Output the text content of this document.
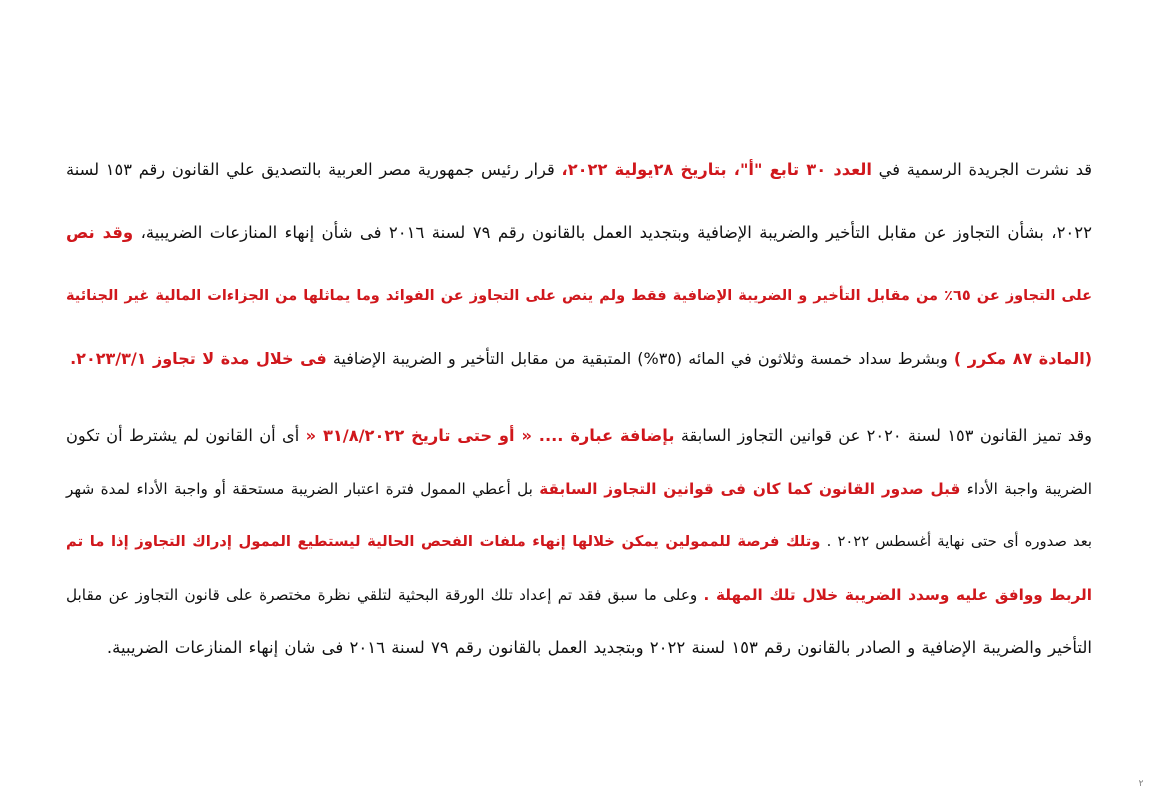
قد نشرت الجريدة الرسمية في العدد ٣٠ تابع "أ"، بتاريخ ٢٨يولية ٢٠٢٢، قرار رئيس جمهورية مصر العربية بالتصديق علي القانون رقم ١٥٣ لسنة
٢٠٢٢، بشأن التجاوز عن مقابل التأخير والضريبة الإضافية وبتجديد العمل بالقانون رقم ٧٩ لسنة ٢٠١٦ فى شأن إنهاء المنازعات الضريبية، وقد نص
على التجاوز عن ٦٥٪ من مقابل التأخير و الضريبة الإضافية فقط ولم ينص على التجاوز عن الفوائد وما يماثلها من الجزاءات المالية غير الجنائية
(المادة ٨٧ مكرر ) وبشرط سداد خمسة وثلاثون في المائه (٣٥%) المتبقية من مقابل التأخير و الضريبة الإضافية فى خلال مدة لا تجاوز ٢٠٢٣/٣/١.
وقد تميز القانون ١٥٣ لسنة ٢٠٢٠ عن قوانين التجاوز السابقة بإضافة عبارة .... « أو حتى تاريخ ٣١/٨/٢٠٢٢ « أى أن القانون لم يشترط أن تكون
الضريبة واجبة الأداء قبل صدور القانون كما كان فى قوانين التجاوز السابقة بل أعطي الممول فترة اعتبار الضريبة مستحقة أو واجبة الأداء لمدة شهر
بعد صدوره أى حتى نهاية أغسطس ٢٠٢٢ . وتلك فرصة للممولين يمكن خلالها إنهاء ملفات الفحص الحالية ليستطيع الممول إدراك التجاوز إذا ما تم
الربط ووافق عليه وسدد الضريبة خلال تلك المهلة . وعلى ما سبق فقد تم إعداد تلك الورقة البحثية لتلقي نظرة مختصرة على قانون التجاوز عن مقابل
التأخير والضريبة الإضافية و الصادر بالقانون رقم ١٥٣ لسنة ٢٠٢٢ وبتجديد العمل بالقانون رقم ٧٩ لسنة ٢٠١٦ فى شان إنهاء المنازعات الضريبية.
٢
